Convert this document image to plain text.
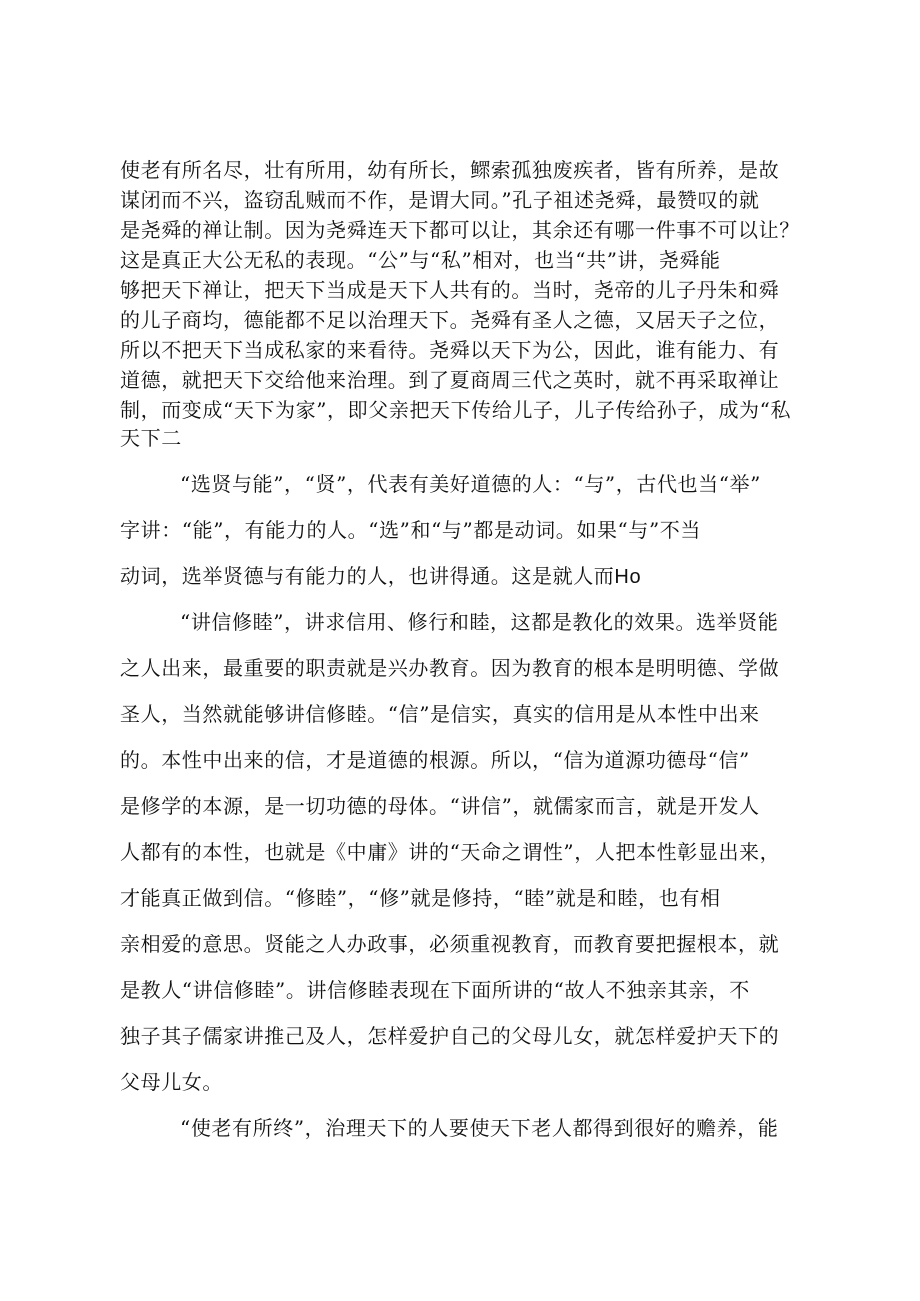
使老有所名尽，壮有所用，幼有所长，鳏索孤独废疾者，皆有所养，是故
谋闭而不兴，盗窃乱贼而不作，是谓大同。”孔子祖述尧舜，最赞叹的就
是尧舜的禅让制。因为尧舜连天下都可以让，其余还有哪一件事不可以让？
这是真正大公无私的表现。“公”与“私”相对，也当“共”讲，尧舜能
够把天下禅让，把天下当成是天下人共有的。当时，尧帝的儿子丹朱和舜
的儿子商均，德能都不足以治理天下。尧舜有圣人之德，又居天子之位，
所以不把天下当成私家的来看待。尧舜以天下为公，因此，谁有能力、有
道德，就把天下交给他来治理。到了夏商周三代之英时，就不再采取禅让
制，而变成“天下为家”，即父亲把天下传给儿子，儿子传给孙子，成为“私
天下二
“选贤与能”，“贤”，代表有美好道德的人：“与”，古代也当“举”
字讲：“能”，有能力的人。“选”和“与”都是动词。如果“与”不当
动词，选举贤德与有能力的人，也讲得通。这是就人而Ho
“讲信修睦”，讲求信用、修行和睦，这都是教化的效果。选举贤能
之人出来，最重要的职责就是兴办教育。因为教育的根本是明明德、学做
圣人，当然就能够讲信修睦。“信”是信实，真实的信用是从本性中出来
的。本性中出来的信，才是道德的根源。所以，“信为道源功德母“信”
是修学的本源，是一切功德的母体。“讲信”，就儒家而言，就是开发人
人都有的本性，也就是《中庸》讲的“天命之谓性”，人把本性彰显出来，
才能真正做到信。“修睦”，“修”就是修持，“睦”就是和睦，也有相
亲相爱的意思。贤能之人办政事，必须重视教育，而教育要把握根本，就
是教人“讲信修睦”。讲信修睦表现在下面所讲的“故人不独亲其亲，不
独子其子儒家讲推己及人，怎样爱护自己的父母儿女，就怎样爱护天下的
父母儿女。
“使老有所终”，治理天下的人要使天下老人都得到很好的赡养，能
